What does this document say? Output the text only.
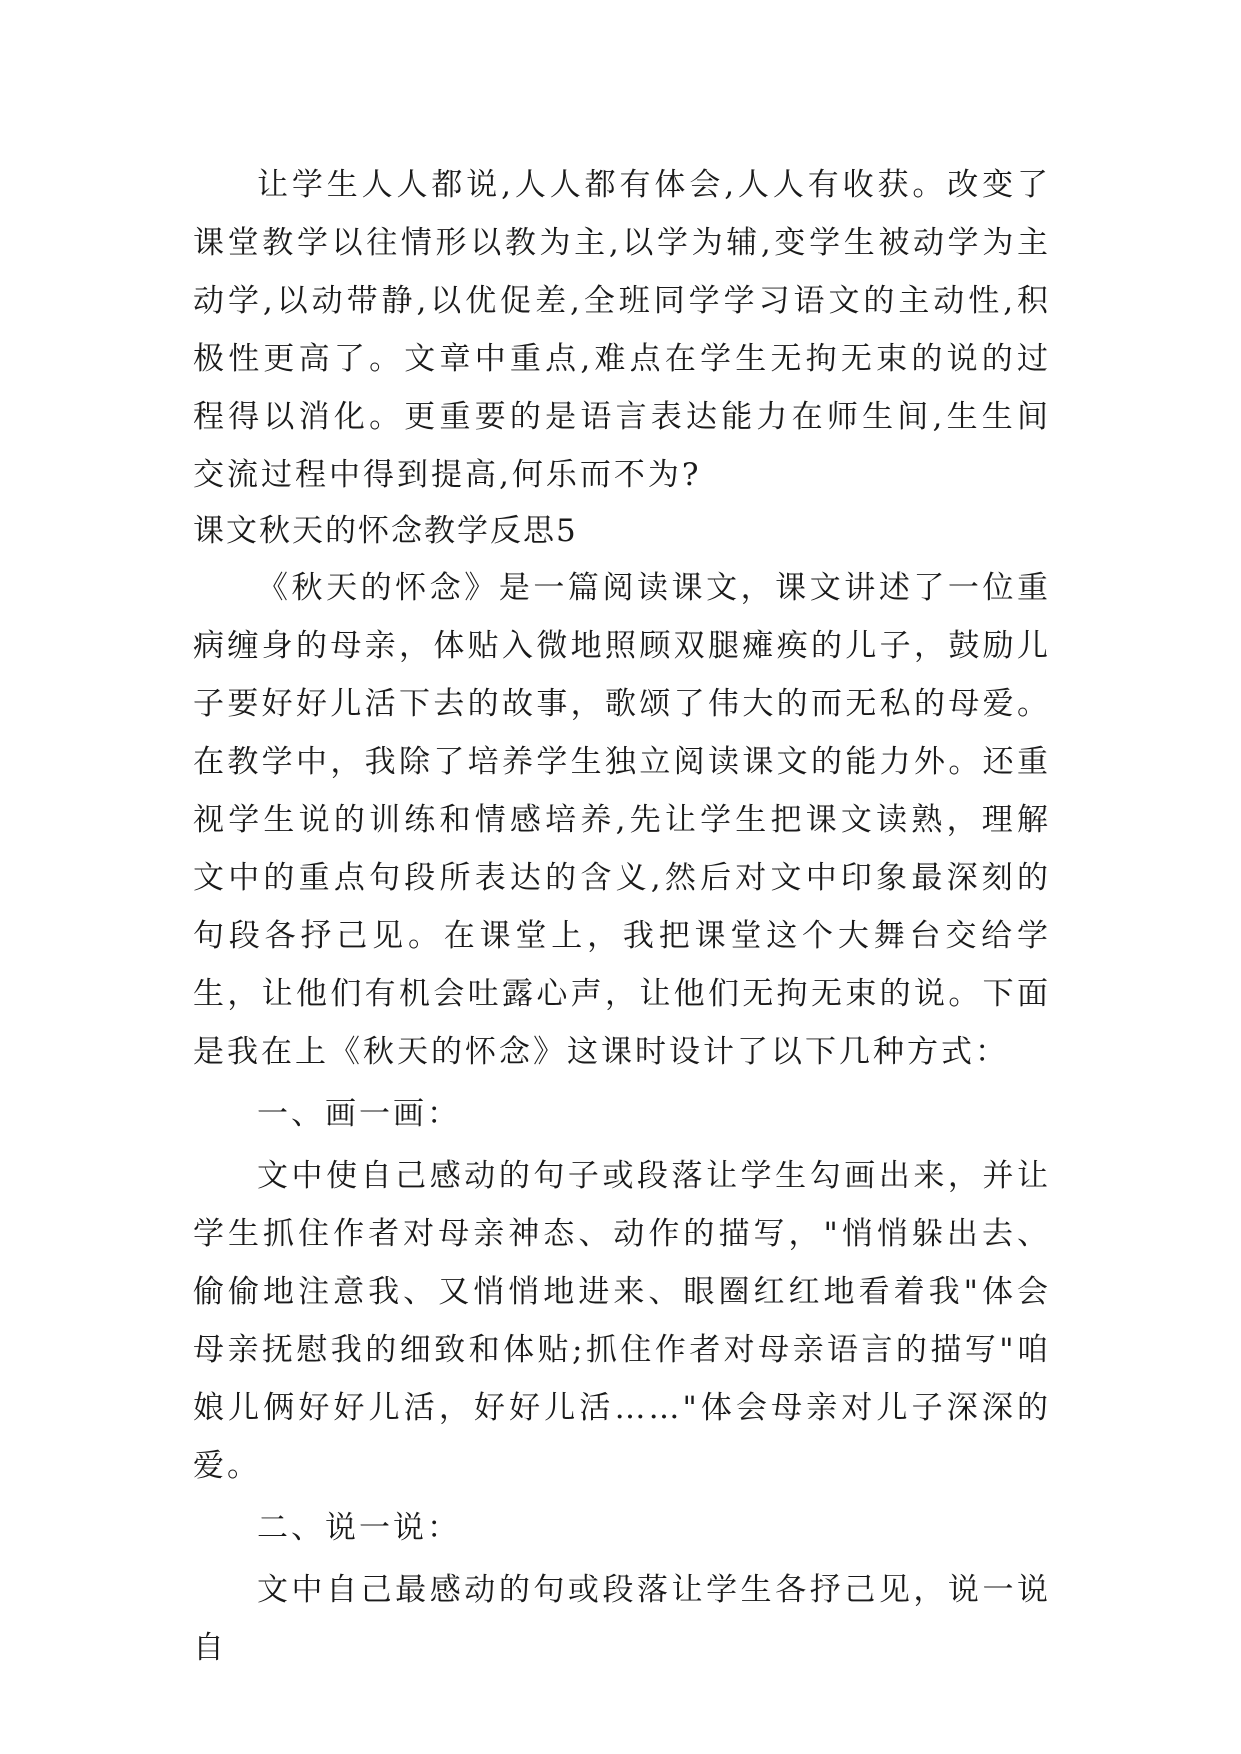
让学生人人都说,人人都有体会,人人有收获。改变了课堂教学以往情形以教为主,以学为辅,变学生被动学为主动学,以动带静,以优促差,全班同学学习语文的主动性,积极性更高了。文章中重点,难点在学生无拘无束的说的过程得以消化。更重要的是语言表达能力在师生间,生生间交流过程中得到提高,何乐而不为?

课文秋天的怀念教学反思5

《秋天的怀念》是一篇阅读课文，课文讲述了一位重病缠身的母亲，体贴入微地照顾双腿瘫痪的儿子，鼓励儿子要好好儿活下去的故事，歌颂了伟大的而无私的母爱。在教学中，我除了培养学生独立阅读课文的能力外。还重视学生说的训练和情感培养,先让学生把课文读熟，理解文中的重点句段所表达的含义,然后对文中印象最深刻的句段各抒己见。在课堂上，我把课堂这个大舞台交给学生，让他们有机会吐露心声，让他们无拘无束的说。下面是我在上《秋天的怀念》这课时设计了以下几种方式：

一、画一画：

文中使自己感动的句子或段落让学生勾画出来，并让学生抓住作者对母亲神态、动作的描写，"悄悄躲出去、偷偷地注意我、又悄悄地进来、眼圈红红地看着我"体会母亲抚慰我的细致和体贴;抓住作者对母亲语言的描写"咱娘儿俩好好儿活，好好儿活……"体会母亲对儿子深深的爱。

二、说一说：

文中自己最感动的句或段落让学生各抒己见，说一说自
